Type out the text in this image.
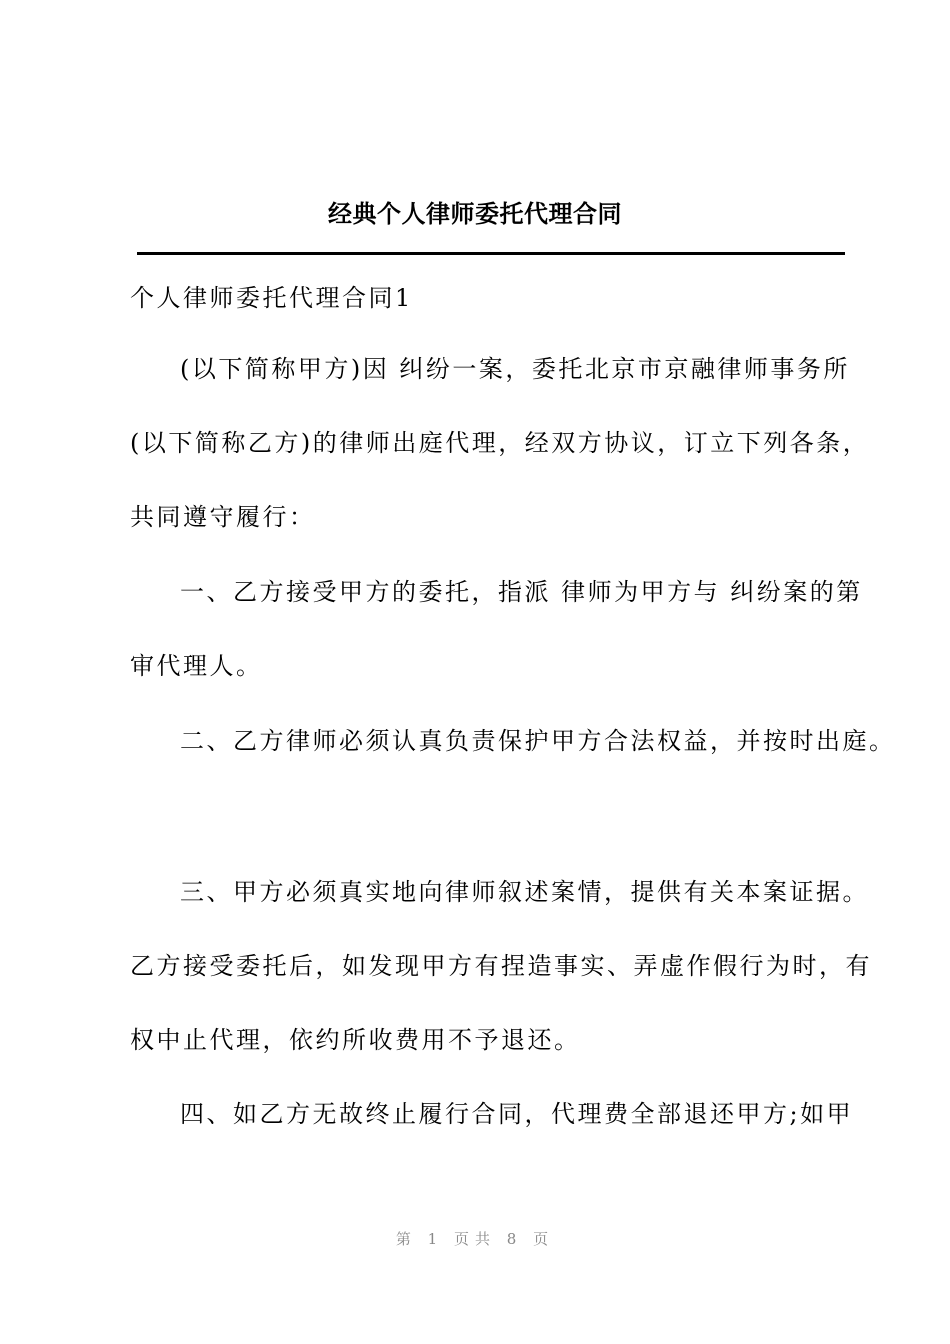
经典个人律师委托代理合同
个人律师委托代理合同1
(以下简称甲方)因 纠纷一案，委托北京市京融律师事务所
(以下简称乙方)的律师出庭代理，经双方协议，订立下列各条，
共同遵守履行：
一、乙方接受甲方的委托，指派 律师为甲方与 纠纷案的第
审代理人。
二、乙方律师必须认真负责保护甲方合法权益，并按时出庭。
三、甲方必须真实地向律师叙述案情，提供有关本案证据。
乙方接受委托后，如发现甲方有捏造事实、弄虚作假行为时，有
权中止代理，依约所收费用不予退还。
四、如乙方无故终止履行合同，代理费全部退还甲方;如甲
第 1 页共 8 页
